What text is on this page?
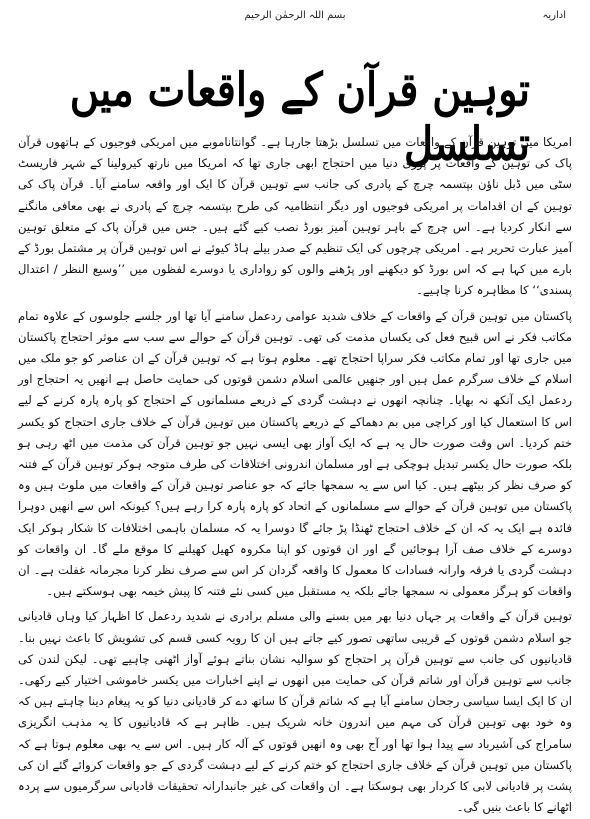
اداریہ
بسم اللہ الرحمٰن الرحیم
توہین قرآن کے واقعات میں تسلسل

امریکا میں توہین قرآن کے واقعات میں تسلسل بڑھتا جارہا ہے۔ گوانتاناموبے میں امریکی فوجیوں کے ہاتھوں قرآن پاک کی توہین کے واقعات پر پوری دنیا میں احتجاج ابھی جاری تھا کہ امریکا میں نارتھ کیرولینا کے شہر فاریسٹ سٹی میں ڈبل ناؤن بپتسمہ چرچ کے پادری کی جانب سے توہین قرآن کا ایک اور واقعہ سامنے آیا۔ قرآن پاک کی توہین کے ان اقدامات پر امریکی فوجیوں اور دیگر انتظامیہ کی طرح بپتسمہ چرچ کے پادری نے بھی معافی مانگنے سے انکار کردیا ہے۔ اس چرچ کے باہر توہین آمیز بورڈ نصب کیے گئے ہیں۔ جس میں قرآن پاک کے متعلق توہین آمیز عبارت تحریر ہے۔ امریکی چرچوں کی ایک تنظیم کے صدر بیلے ہاڈ کیوئے نے اس توہین قرآن پر مشتمل بورڈ کے بارے میں کہا ہے کہ اس بورڈ کو دیکھنے اور پڑھنے والوں کو رواداری یا دوسرے لفظوں میں ’’وسیع النظر / اعتدال پسندی‘‘ کا مظاہرہ کرنا چاہیے۔

پاکستان میں توہین قرآن کے واقعات کے خلاف شدید عوامی ردعمل سامنے آیا تھا اور جلسے جلوسوں کے علاوہ تمام مکاتب فکر نے اس قبیح فعل کی یکساں مذمت کی تھی۔ توہین قرآن کے حوالے سے سب سے موثر احتجاج پاکستان میں جاری تھا اور تمام مکاتب فکر سراپا احتجاج تھے۔ معلوم ہوتا ہے کہ توہین قرآن کے ان عناصر کو جو ملک میں اسلام کے خلاف سرگرم عمل ہیں اور جنھیں عالمی اسلام دشمن قوتوں کی حمایت حاصل ہے انھیں یہ احتجاج اور ردعمل ایک آنکھ نہ بھایا۔ چنانچہ انھوں نے دہشت گردی کے ذریعے مسلمانوں کے احتجاج کو پارہ پارہ کرنے کے لیے اس کا استعمال کیا اور کراچی میں بم دھماکے کے ذریعے پاکستان میں توہین قرآن کے خلاف جاری احتجاج کو یکسر ختم کردیا۔ اس وقت صورت حال یہ ہے کہ ایک آواز بھی ایسی نہیں جو توہین قرآن کی مذمت میں اٹھ رہی ہو بلکہ صورت حال یکسر تبدیل ہوچکی ہے اور مسلمان اندرونی اختلافات کی طرف متوجہ ہوکر توہین قرآن کے فتنہ کو صرف نظر کر بیٹھے ہیں۔ کیا اس سے یہ سمجھا جائے کہ جو عناصر توہین قرآن کے واقعات میں ملوث ہیں وہ پاکستان میں توہین قرآن کے حوالے سے مسلمانوں کے اتحاد کو پارہ پارہ کرا رہے ہیں؟ کیونکہ اس سے انھیں دوہرا فائدہ ہے ایک یہ کہ ان کے خلاف احتجاج ٹھنڈا پڑ جائے گا دوسرا یہ کہ مسلمان باہمی اختلافات کا شکار ہوکر ایک دوسرے کے خلاف صف آرا ہوجائیں گے اور ان قوتوں کو اپنا مکروہ کھیل کھیلنے کا موقع ملے گا۔ ان واقعات کو دہشت گردی یا فرقہ وارانہ فسادات کا معمول کا واقعہ گردان کر اس سے صرف نظر کرنا مجرمانہ غفلت ہے۔ ان واقعات کو ہرگز معمولی نہ سمجھا جائے بلکہ یہ مستقبل میں کسی نئے فتنہ کا پیش خیمہ بھی ہوسکتے ہیں۔

توہین قرآن کے واقعات پر جہاں دنیا بھر میں بسنے والی مسلم برادری نے شدید ردعمل کا اظہار کیا وہاں قادیانی جو اسلام دشمن قوتوں کے قریبی ساتھی تصور کیے جاتے ہیں ان کا رویہ کسی قسم کی تشویش کا باعث نہیں بنا۔ قادیانیوں کی جانب سے توہین قرآن پر احتجاج کو سوالیہ نشان بناتے ہوئے آواز اٹھنی چاہیے تھی۔ لیکن لندن کی جانب سے توہین قرآن اور شاتم قرآن کی حمایت میں انھوں نے اپنے اخبارات میں یکسر خاموشی اختیار کیے رکھی۔ ان کا ایک ایسا سیاسی رجحان سامنے آیا ہے کہ شاتم قرآن کا ساتھ دے کر قادیانی دنیا کو یہ پیغام دینا چاہتے ہیں کہ وہ خود بھی توہین قرآن کی مہم میں اندرون خانہ شریک ہیں۔ ظاہر ہے کہ قادیانیوں کا یہ مذہب انگریزی سامراج کی آشیرباد سے پیدا ہوا تھا اور آج بھی وہ انھیں قوتوں کے آلہ کار ہیں۔ اس سے یہ بھی معلوم ہوتا ہے کہ پاکستان میں توہین قرآن کے خلاف جاری احتجاج کو ختم کرنے کے لیے دہشت گردی کے جو واقعات کروائے گئے ان کی پشت پر قادیانی لابی کا کردار بھی ہوسکتا ہے۔ ان واقعات کی غیر جانبدارانہ تحقیقات قادیانی سرگرمیوں سے پردہ اٹھانے کا باعث بنیں گی۔
